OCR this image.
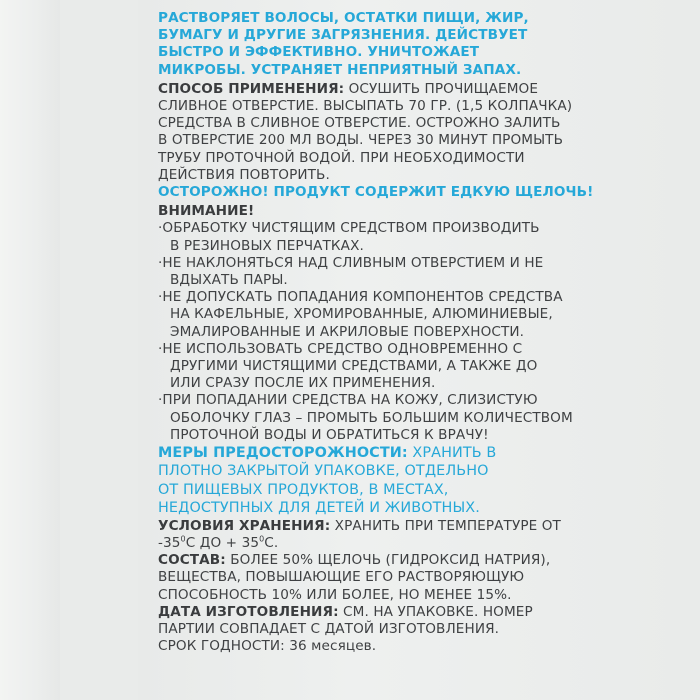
РАСТВОРЯЕТ ВОЛОСЫ, ОСТАТКИ ПИЩИ, ЖИР,
БУМАГУ И ДРУГИЕ ЗАГРЯЗНЕНИЯ. ДЕЙСТВУЕТ
БЫСТРО И ЭФФЕКТИВНО. УНИЧТОЖАЕТ
МИКРОБЫ. УСТРАНЯЕТ НЕПРИЯТНЫЙ ЗАПАХ.
СПОСОБ ПРИМЕНЕНИЯ: ОСУШИТЬ ПРОЧИЩАЕМОЕ
СЛИВНОЕ ОТВЕРСТИЕ. ВЫСЫПАТЬ 70 ГР. (1,5 КОЛПАЧКА)
СРЕДСТВА В СЛИВНОЕ ОТВЕРСТИЕ. ОСТРОЖНО ЗАЛИТЬ
В ОТВЕРСТИЕ 200 МЛ ВОДЫ. ЧЕРЕЗ 30 МИНУТ ПРОМЫТЬ
ТРУБУ ПРОТОЧНОЙ ВОДОЙ. ПРИ НЕОБХОДИМОСТИ
ДЕЙСТВИЯ ПОВТОРИТЬ.
ОСТОРОЖНО! ПРОДУКТ СОДЕРЖИТ ЕДКУЮ ЩЕЛОЧЬ!
ВНИМАНИЕ!
·ОБРАБОТКУ ЧИСТЯЩИМ СРЕДСТВОМ ПРОИЗВОДИТЬ
В РЕЗИНОВЫХ ПЕРЧАТКАХ.
·НЕ НАКЛОНЯТЬСЯ НАД СЛИВНЫМ ОТВЕРСТИЕМ И НЕ
ВДЫХАТЬ ПАРЫ.
·НЕ ДОПУСКАТЬ ПОПАДАНИЯ КОМПОНЕНТОВ СРЕДСТВА
НА КАФЕЛЬНЫЕ, ХРОМИРОВАННЫЕ, АЛЮМИНИЕВЫЕ,
ЭМАЛИРОВАННЫЕ И АКРИЛОВЫЕ ПОВЕРХНОСТИ.
·НЕ ИСПОЛЬЗОВАТЬ СРЕДСТВО ОДНОВРЕМЕННО С
ДРУГИМИ ЧИСТЯЩИМИ СРЕДСТВАМИ, А ТАКЖЕ ДО
ИЛИ СРАЗУ ПОСЛЕ ИХ ПРИМЕНЕНИЯ.
·ПРИ ПОПАДАНИИ СРЕДСТВА НА КОЖУ, СЛИЗИСТУЮ
ОБОЛОЧКУ ГЛАЗ – ПРОМЫТЬ БОЛЬШИМ КОЛИЧЕСТВОМ
ПРОТОЧНОЙ ВОДЫ И ОБРАТИТЬСЯ К ВРАЧУ!
МЕРЫ ПРЕДОСТОРОЖНОСТИ: ХРАНИТЬ В
ПЛОТНО ЗАКРЫТОЙ УПАКОВКЕ, ОТДЕЛЬНО
ОТ ПИЩЕВЫХ ПРОДУКТОВ, В МЕСТАХ,
НЕДОСТУПНЫХ ДЛЯ ДЕТЕЙ И ЖИВОТНЫХ.
УСЛОВИЯ ХРАНЕНИЯ: ХРАНИТЬ ПРИ ТЕМПЕРАТУРЕ ОТ
$-35^0С$ ДО + $35^0С$.
СОСТАВ: БОЛЕЕ 50% ЩЕЛОЧЬ (ГИДРОКСИД НАТРИЯ),
ВЕЩЕСТВА, ПОВЫШАЮЩИЕ ЕГО РАСТВОРЯЮЩУЮ
СПОСОБНОСТЬ 10% ИЛИ БОЛЕЕ, НО МЕНЕЕ 15%.
ДАТА ИЗГОТОВЛЕНИЯ: СМ. НА УПАКОВКЕ. НОМЕР
ПАРТИИ СОВПАДАЕТ С ДАТОЙ ИЗГОТОВЛЕНИЯ.
СРОК ГОДНОСТИ: 36 месяцев.
